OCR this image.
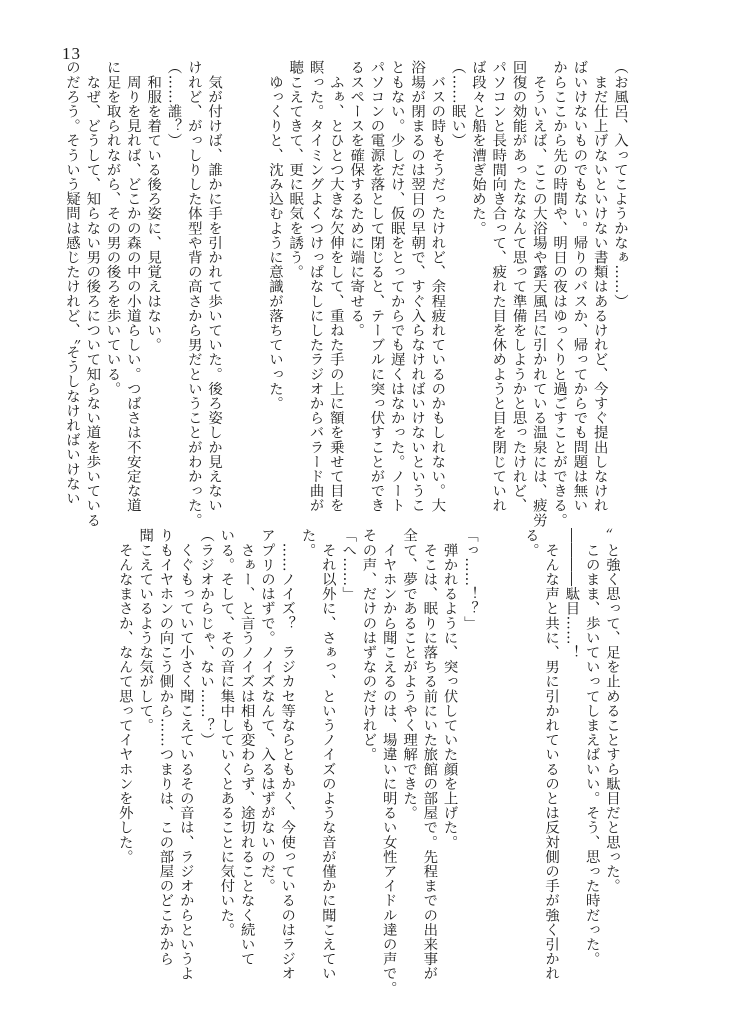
13

（お風呂、入ってこようかなぁ……）

　まだ仕上げないといけない書類はあるけれど、今すぐ提出しなけれ

ばいけないものでもない。帰りのバスか、帰ってからでも問題は無い

からここから先の時間や、明日の夜はゆっくりと過ごすことができる。

　そういえば、ここの大浴場や露天風呂に引かれている温泉には、疲労

回復の効能があったななんて思って準備をしようかと思ったけれど、

パソコンと長時間向き合って、疲れた目を休めようと目を閉じていれ

ば段々と船を漕ぎ始めた。

（……眠い）

　バスの時もそうだったけれど、余程疲れているのかもしれない。大

浴場が閉まるのは翌日の早朝で、すぐ入らなければいけないというこ

ともない。少しだけ、仮眠をとってからでも遅くはなかった。ノート

パソコンの電源を落として閉じると、テーブルに突っ伏すことができ

るスペースを確保するために端に寄せる。

　ふぁ、とひとつ大きな欠伸をして、重ねた手の上に額を乗せて目を

瞑った。タイミングよくつけっぱなしにしたラジオからバラード曲が

聴こえてきて、更に眠気を誘う。

　ゆっくりと、沈み込むように意識が落ちていった。

　気が付けば、誰かに手を引かれて歩いていた。後ろ姿しか見えない

けれど、がっしりした体型や背の高さから男だということがわかった。

（……誰？）

　和服を着ている後ろ姿に、見覚えはない。

　周りを見れば、どこかの森の中の小道らしい。つばさは不安定な道

に足を取られながら、その男の後ろを歩いている。

　なぜ、どうして、知らない男の後ろについて知らない道を歩いている

のだろう。そういう疑問は感じたけれど、〝そうしなければいけない

〟と強く思って、足を止めることすら駄目だと思った。

　このまま、歩いていってしまえばいい。そう、思った時だった。

――――駄目……！

　そんな声と共に、男に引かれているのとは反対側の手が強く引かれ

る。

「っ……！？」

　弾かれるように、突っ伏していた顔を上げた。

　そこは、眠りに落ちる前にいた旅館の部屋で。先程までの出来事が

全て、夢であることがようやく理解できた。

　イヤホンから聞こえるのは、場違いに明るい女性アイドル達の声で。

その声、だけのはずなのだけれど。

「へ……」

　それ以外に、さぁっ、というノイズのような音が僅かに聞こえてい

た。

　……ノイズ？　ラジカセ等ならともかく、今使っているのはラジオ

アプリのはずで。ノイズなんて、入るはずがないのだ。

　さぁー、と言うノイズは相も変わらず、途切れることなく続いて

いる。そして、その音に集中していくとあることに気付いた。

（ラジオからじゃ、ない……？）

　くぐもっていて小さく聞こえているその音は、ラジオからというよ

りもイヤホンの向こう側から……つまりは、この部屋のどこかから

聞こえているような気がして。

　そんなまさか、なんて思ってイヤホンを外した。
